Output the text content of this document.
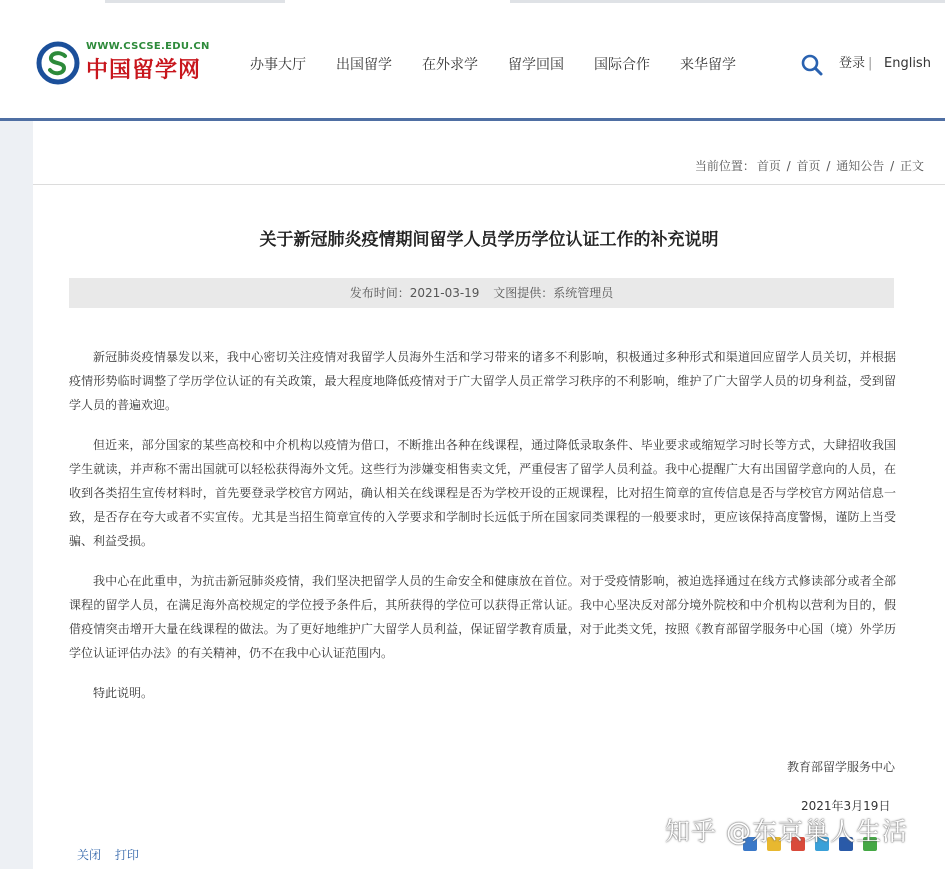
WWW.CSCSE.EDU.CN
中国留学网	办事大厅 出国留学 在外求学 留学回国 国际合作 来华留学	登录 | English
当前位置： 首页 / 首页 / 通知公告 / 正文
关于新冠肺炎疫情期间留学人员学历学位认证工作的补充说明
发布时间：2021-03-19 文图提供：系统管理员

新冠肺炎疫情暴发以来，我中心密切关注疫情对我留学人员海外生活和学习带来的诸多不利影响，积极通过多种形式和渠道回应留学人员关切，并根据疫情形势临时调整了学历学位认证的有关政策，最大程度地降低疫情对于广大留学人员正常学习秩序的不利影响，维护了广大留学人员的切身利益，受到留学人员的普遍欢迎。

但近来，部分国家的某些高校和中介机构以疫情为借口，不断推出各种在线课程，通过降低录取条件、毕业要求或缩短学习时长等方式，大肆招收我国学生就读，并声称不需出国就可以轻松获得海外文凭。这些行为涉嫌变相售卖文凭，严重侵害了留学人员利益。我中心提醒广大有出国留学意向的人员，在收到各类招生宣传材料时，首先要登录学校官方网站，确认相关在线课程是否为学校开设的正规课程，比对招生简章的宣传信息是否与学校官方网站信息一致，是否存在夸大或者不实宣传。尤其是当招生简章宣传的入学要求和学制时长远低于所在国家同类课程的一般要求时，更应该保持高度警惕，谨防上当受骗、利益受损。

我中心在此重申，为抗击新冠肺炎疫情，我们坚决把留学人员的生命安全和健康放在首位。对于受疫情影响，被迫选择通过在线方式修读部分或者全部课程的留学人员，在满足海外高校规定的学位授予条件后，其所获得的学位可以获得正常认证。我中心坚决反对部分境外院校和中介机构以营利为目的，假借疫情突击增开大量在线课程的做法。为了更好地维护广大留学人员利益，保证留学教育质量，对于此类文凭，按照《教育部留学服务中心国（境）外学历学位认证评估办法》的有关精神，仍不在我中心认证范围内。

特此说明。

教育部留学服务中心
2021年3月19日
关闭 打印
知乎 @东京巢人生活
